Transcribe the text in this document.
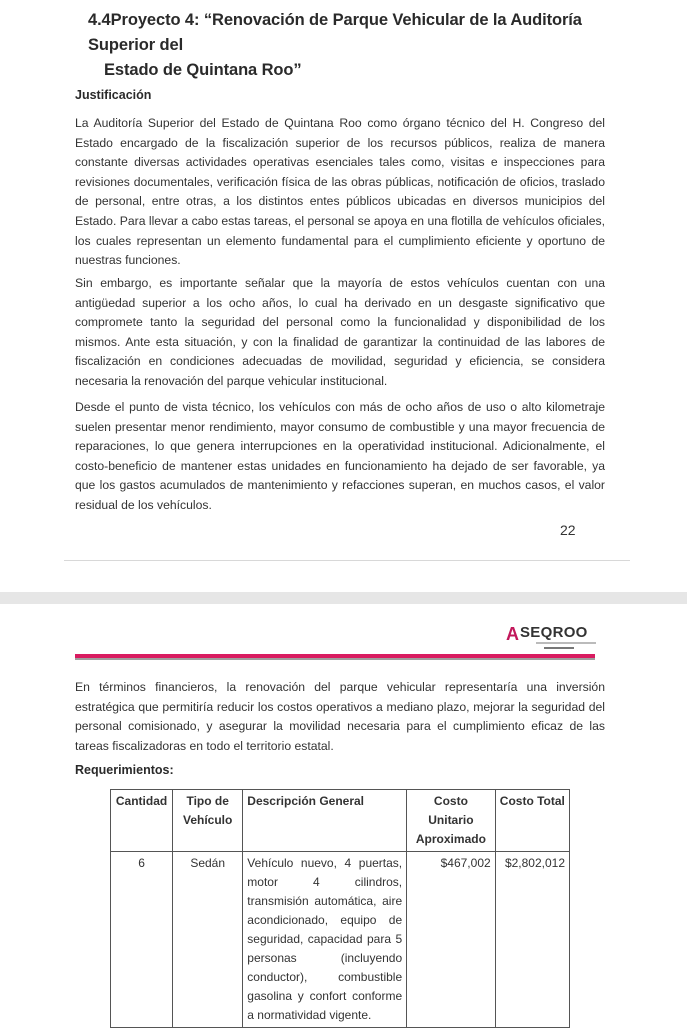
4.4Proyecto 4: “Renovación de Parque Vehicular de la Auditoría Superior del
Estado de Quintana Roo”
Justificación
La Auditoría Superior del Estado de Quintana Roo como órgano técnico del H. Congreso del Estado encargado de la fiscalización superior de los recursos públicos, realiza de manera constante diversas actividades operativas esenciales tales como, visitas e inspecciones para revisiones documentales, verificación física de las obras públicas, notificación de oficios, traslado de personal, entre otras, a los distintos entes públicos ubicadas en diversos municipios del Estado. Para llevar a cabo estas tareas, el personal se apoya en una flotilla de vehículos oficiales, los cuales representan un elemento fundamental para el cumplimiento eficiente y oportuno de nuestras funciones.
Sin embargo, es importante señalar que la mayoría de estos vehículos cuentan con una antigüedad superior a los ocho años, lo cual ha derivado en un desgaste significativo que compromete tanto la seguridad del personal como la funcionalidad y disponibilidad de los mismos. Ante esta situación, y con la finalidad de garantizar la continuidad de las labores de fiscalización en condiciones adecuadas de movilidad, seguridad y eficiencia, se considera necesaria la renovación del parque vehicular institucional.
Desde el punto de vista técnico, los vehículos con más de ocho años de uso o alto kilometraje suelen presentar menor rendimiento, mayor consumo de combustible y una mayor frecuencia de reparaciones, lo que genera interrupciones en la operatividad institucional. Adicionalmente, el costo-beneficio de mantener estas unidades en funcionamiento ha dejado de ser favorable, ya que los gastos acumulados de mantenimiento y refacciones superan, en muchos casos, el valor residual de los vehículos.
22
A SEQROO
En términos financieros, la renovación del parque vehicular representaría una inversión estratégica que permitiría reducir los costos operativos a mediano plazo, mejorar la seguridad del personal comisionado, y asegurar la movilidad necesaria para el cumplimiento eficaz de las tareas fiscalizadoras en todo el territorio estatal.
Requerimientos:
Cantidad	Tipo de Vehículo	Descripción General	Costo Unitario Aproximado	Costo Total
6	Sedán	Vehículo nuevo, 4 puertas, motor 4 cilindros, transmisión automática, aire acondicionado, equipo de seguridad, capacidad para 5 personas (incluyendo conductor), combustible gasolina y confort conforme a normatividad vigente.	$467,002	$2,802,012
